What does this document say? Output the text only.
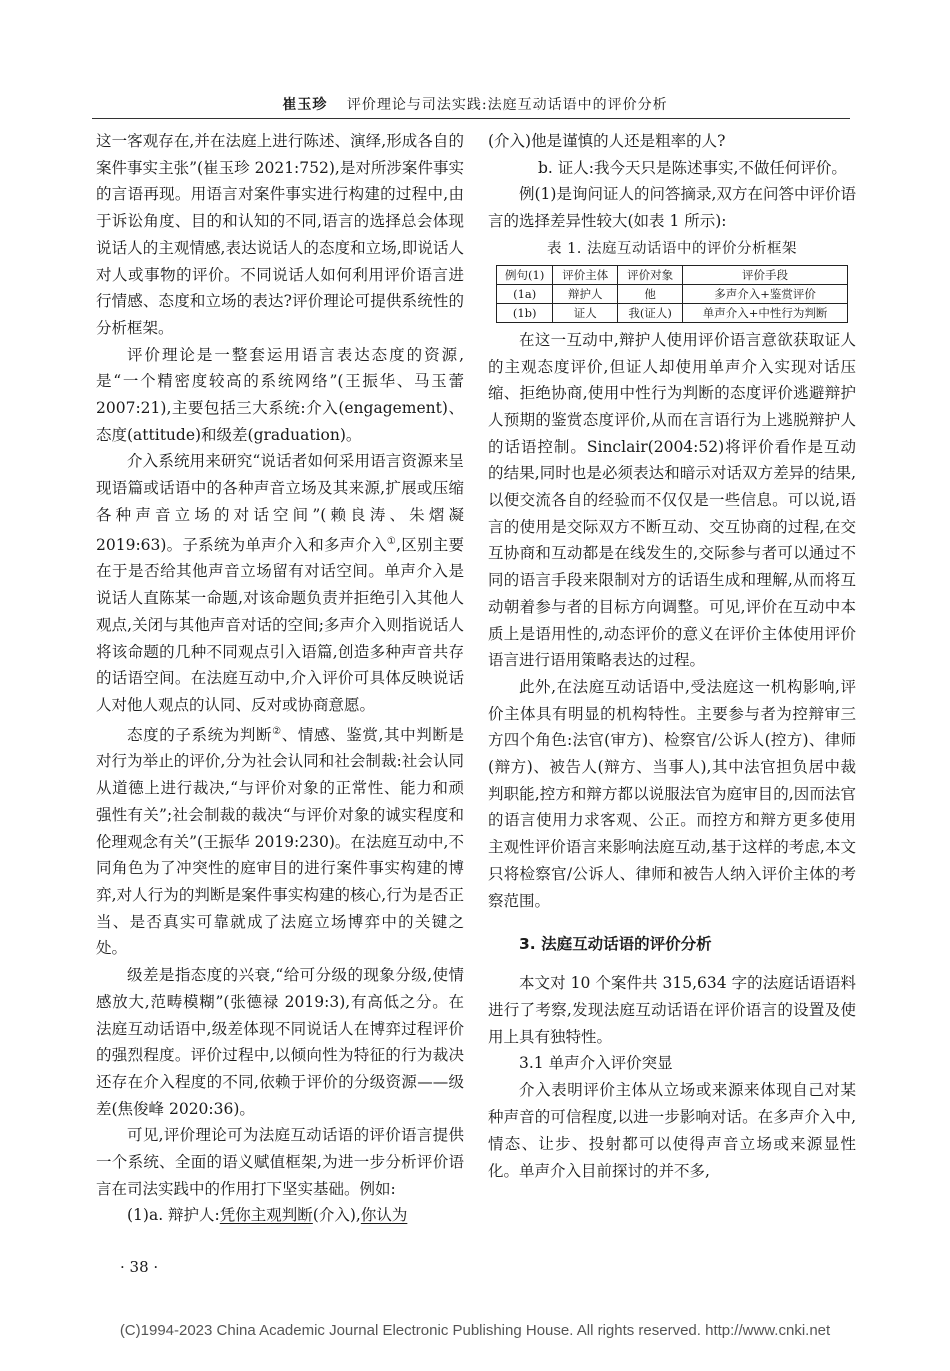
崔玉珍 评价理论与司法实践:法庭互动话语中的评价分析

这一客观存在,并在法庭上进行陈述、演绎,形成各自的案件事实主张”(崔玉珍 2021:752),是对所涉案件事实的言语再现。用语言对案件事实进行构建的过程中,由于诉讼角度、目的和认知的不同,语言的选择总会体现说话人的主观情感,表达说话人的态度和立场,即说话人对人或事物的评价。不同说话人如何利用评价语言进行情感、态度和立场的表达?评价理论可提供系统性的分析框架。

评价理论是一整套运用语言表达态度的资源,是“一个精密度较高的系统网络”(王振华、马玉蕾 2007:21),主要包括三大系统:介入(engagement)、态度(attitude)和级差(graduation)。

介入系统用来研究“说话者如何采用语言资源来呈现语篇或话语中的各种声音立场及其来源,扩展或压缩各种声音立场的对话空间”(赖良涛、朱熠凝 2019:63)。子系统为单声介入和多声介入①,区别主要在于是否给其他声音立场留有对话空间。单声介入是说话人直陈某一命题,对该命题负责并拒绝引入其他人观点,关闭与其他声音对话的空间;多声介入则指说话人将该命题的几种不同观点引入语篇,创造多种声音共存的话语空间。在法庭互动中,介入评价可具体反映说话人对他人观点的认同、反对或协商意愿。

态度的子系统为判断②、情感、鉴赏,其中判断是对行为举止的评价,分为社会认同和社会制裁:社会认同从道德上进行裁决,“与评价对象的正常性、能力和顽强性有关”;社会制裁的裁决“与评价对象的诚实程度和伦理观念有关”(王振华 2019:230)。在法庭互动中,不同角色为了冲突性的庭审目的进行案件事实构建的博弈,对人行为的判断是案件事实构建的核心,行为是否正当、是否真实可靠就成了法庭立场博弈中的关键之处。

级差是指态度的兴衰,“给可分级的现象分级,使情感放大,范畴模糊”(张德禄 2019:3),有高低之分。在法庭互动话语中,级差体现不同说话人在博弈过程评价的强烈程度。评价过程中,以倾向性为特征的行为裁决还存在介入程度的不同,依赖于评价的分级资源——级差(焦俊峰 2020:36)。

可见,评价理论可为法庭互动话语的评价语言提供一个系统、全面的语义赋值框架,为进一步分析评价语言在司法实践中的作用打下坚实基础。例如:

(1)a. 辩护人:凭你主观判断(介入),你认为

· 38 ·

(介入)他是谨慎的人还是粗率的人?

b. 证人:我今天只是陈述事实,不做任何评价。

例(1)是询问证人的问答摘录,双方在问答中评价语言的选择差异性较大(如表 1 所示):

表 1. 法庭互动话语中的评价分析框架

例句(1)	评价主体	评价对象	评价手段
(1a)	辩护人	他	多声介入+鉴赏评价
(1b)	证人	我(证人)	单声介入+中性行为判断

在这一互动中,辩护人使用评价语言意欲获取证人的主观态度评价,但证人却使用单声介入实现对话压缩、拒绝协商,使用中性行为判断的态度评价逃避辩护人预期的鉴赏态度评价,从而在言语行为上逃脱辩护人的话语控制。Sinclair(2004:52)将评价看作是互动的结果,同时也是必须表达和暗示对话双方差异的结果,以便交流各自的经验而不仅仅是一些信息。可以说,语言的使用是交际双方不断互动、交互协商的过程,在交互协商和互动都是在线发生的,交际参与者可以通过不同的语言手段来限制对方的话语生成和理解,从而将互动朝着参与者的目标方向调整。可见,评价在互动中本质上是语用性的,动态评价的意义在评价主体使用评价语言进行语用策略表达的过程。

此外,在法庭互动话语中,受法庭这一机构影响,评价主体具有明显的机构特性。主要参与者为控辩审三方四个角色:法官(审方)、检察官/公诉人(控方)、律师(辩方)、被告人(辩方、当事人),其中法官担负居中裁判职能,控方和辩方都以说服法官为庭审目的,因而法官的语言使用力求客观、公正。而控方和辩方更多使用主观性评价语言来影响法庭互动,基于这样的考虑,本文只将检察官/公诉人、律师和被告人纳入评价主体的考察范围。

3. 法庭互动话语的评价分析

本文对 10 个案件共 315,634 字的法庭话语语料进行了考察,发现法庭互动话语在评价语言的设置及使用上具有独特性。

3.1 单声介入评价突显

介入表明评价主体从立场或来源来体现自己对某种声音的可信程度,以进一步影响对话。在多声介入中,情态、让步、投射都可以使得声音立场或来源显性化。单声介入目前探讨的并不多,

(C)1994-2023 China Academic Journal Electronic Publishing House. All rights reserved. http://www.cnki.net
